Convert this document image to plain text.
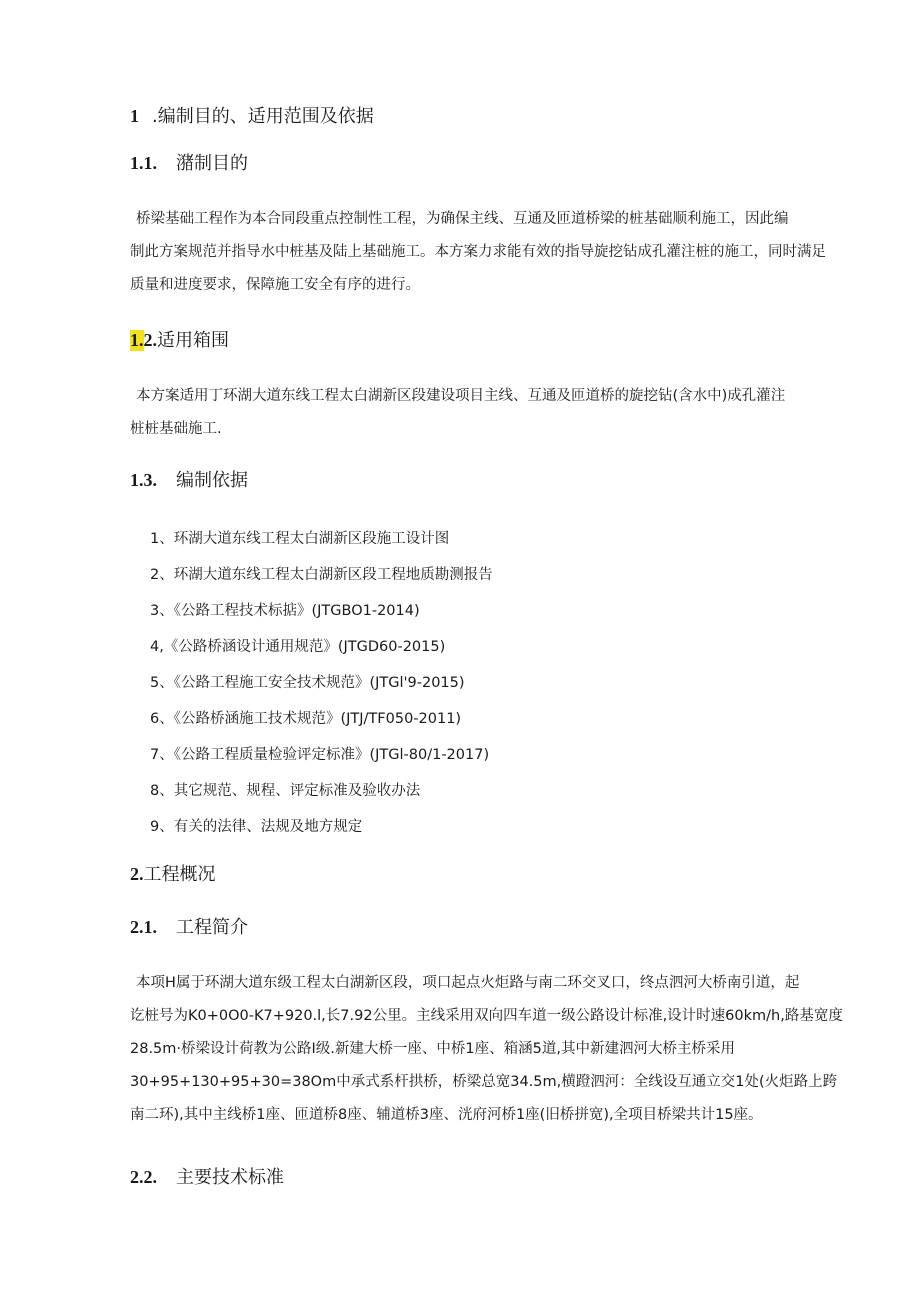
1 .编制目的、适用范围及依据
1.1. 潴制目的
桥梁基础工程作为本合同段重点控制性工程，为确保主线、互通及匝道桥梁的桩基础顺利施工，因此编
制此方案规范并指导水中桩基及陆上基础施工。本方案力求能有效的指导旋挖钻成孔灌注桩的施工，同时满足
质量和进度要求，保障施工安全有序的进行。
1.2.适用箱围
本方案适用丁环湖大道东线工程太白湖新区段建设项目主线、互通及匝道桥的旋挖钻(含水中)成孔灌注
桩桩基础施工.
1.3. 编制依据
1、环湖大道东线工程太白湖新区段施工设计图
2、环湖大道东线工程太白湖新区段工程地质勘测报告
3、《公路工程技术标掂》(JTGBO1-2014)
4,《公路桥涵设计通用规范》(JTGD60-2015)
5、《公路工程施工安全技术规范》(JTGl'9-2015)
6、《公路桥涵施工技术规范》(JTJ/TF050-2011)
7、《公路工程质量检验评定标准》(JTGl-80/1-2017)
8、其它规范、规程、评定标准及验收办法
9、有关的法律、法规及地方规定
2.工程概况
2.1. 工程简介
本项H属于环湖大道东级工程太白湖新区段，项口起点火炬路与南二环交叉口，终点泗河大桥南引道，起
讫桩号为K0+0O0-K7+920.l,长7.92公里。主线采用双向四车道一级公路设计标准,设计时速60km/h,路基宽度
28.5m·桥梁设计荷教为公路I级.新建大桥一座、中桥1座、箱涵5道,其中新建泗河大桥主桥采用
30+95+130+95+30=38Om中承式系杆拱桥，桥梁总宽34.5m,横蹬泗河：全线设互通立交1处(火炬路上跨
南二环),其中主线桥1座、匝道桥8座、辅道桥3座、洸府河桥1座(旧桥拼宽),全项目桥梁共计15座。
2.2. 主要技术标准
